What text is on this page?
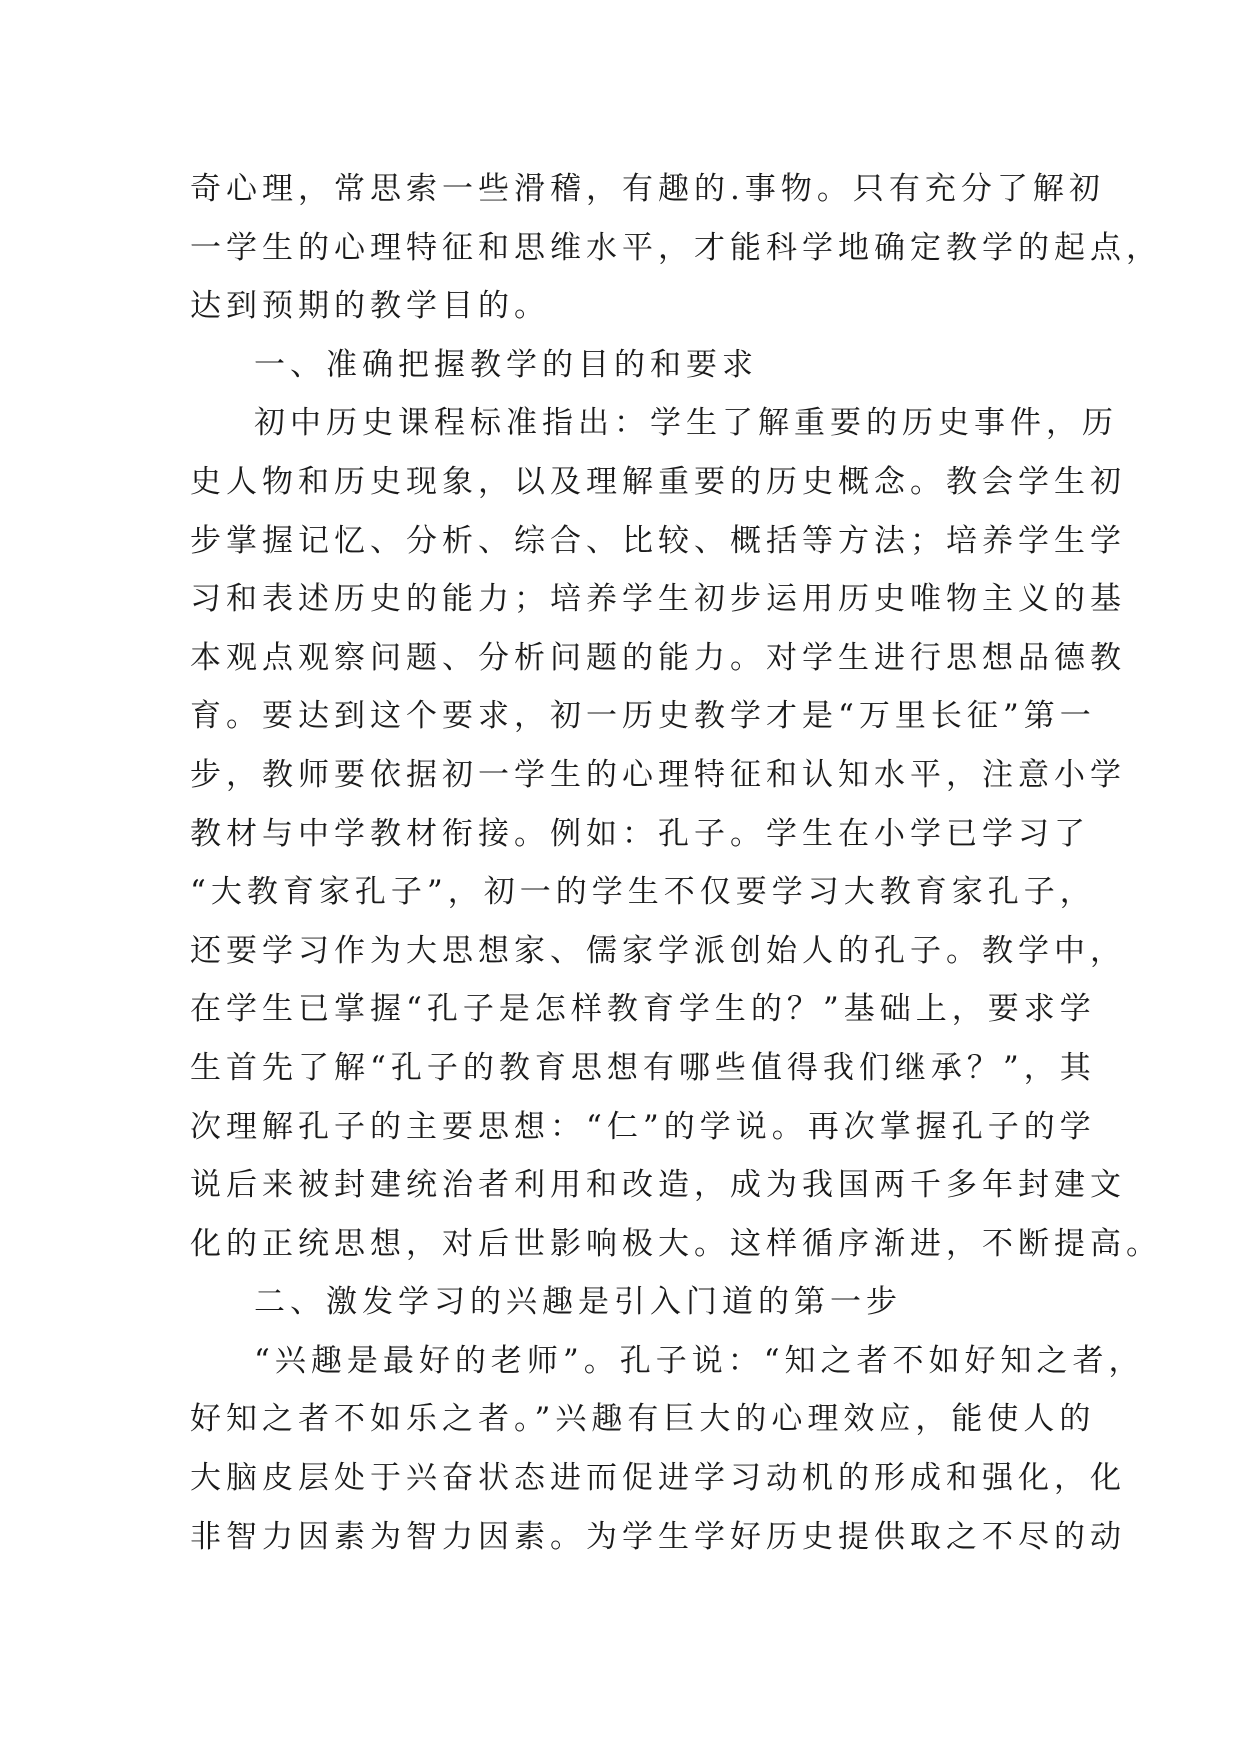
奇心理，常思索一些滑稽，有趣的.事物。只有充分了解初
一学生的心理特征和思维水平，才能科学地确定教学的起点，
达到预期的教学目的。
一、准确把握教学的目的和要求
初中历史课程标准指出：学生了解重要的历史事件，历
史人物和历史现象，以及理解重要的历史概念。教会学生初
步掌握记忆、分析、综合、比较、概括等方法；培养学生学
习和表述历史的能力；培养学生初步运用历史唯物主义的基
本观点观察问题、分析问题的能力。对学生进行思想品德教
育。要达到这个要求，初一历史教学才是“万里长征”第一
步，教师要依据初一学生的心理特征和认知水平，注意小学
教材与中学教材衔接。例如：孔子。学生在小学已学习了
“大教育家孔子”，初一的学生不仅要学习大教育家孔子，
还要学习作为大思想家、儒家学派创始人的孔子。教学中，
在学生已掌握“孔子是怎样教育学生的？”基础上，要求学
生首先了解“孔子的教育思想有哪些值得我们继承？”，其
次理解孔子的主要思想：“仁”的学说。再次掌握孔子的学
说后来被封建统治者利用和改造，成为我国两千多年封建文
化的正统思想，对后世影响极大。这样循序渐进，不断提高。
二、激发学习的兴趣是引入门道的第一步
“兴趣是最好的老师”。孔子说：“知之者不如好知之者，
好知之者不如乐之者。”兴趣有巨大的心理效应，能使人的
大脑皮层处于兴奋状态进而促进学习动机的形成和强化，化
非智力因素为智力因素。为学生学好历史提供取之不尽的动
